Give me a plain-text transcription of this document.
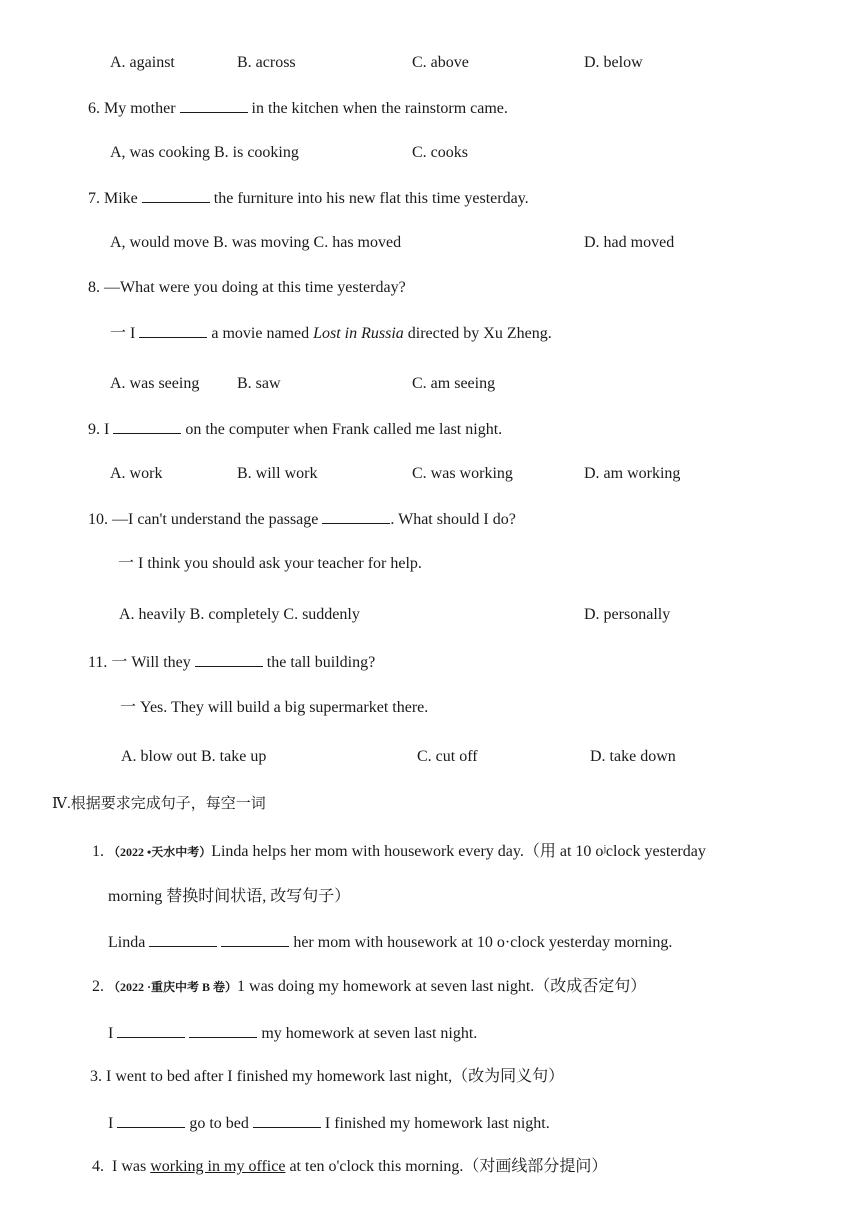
A. against	B. across	C. above	D. below
6. My mother	in the kitchen when the rainstorm came.
A, was cooking B. is cooking	C. cooks
7. Mike	the furniture into his new flat this time yesterday.
A, would move B. was moving C. has moved	D. had moved
8. —What were you doing at this time yesterday?
一 I	a movie named Lost in Russia directed by Xu Zheng.
A. was seeing B. saw	C. am seeing
9. I	on the computer when Frank called me last night.
A. work	B. will work	C. was working	D. am working
10. —I can't understand the passage	. What should I do?
一 I think you should ask your teacher for help.
A. heavily B. completely C. suddenly	D. personally
11. 一 Will they	the tall building?
一 Yes. They will build a big supermarket there.
A. blow out B. take up	C. cut off	D. take down
Ⅳ.根据要求完成句子，每空一词
1. （2022 •天水中考）Linda helps her mom with housework every day.（用 at 10 oʲclock yesterday
morning 替换时间状语, 改写句子）
Linda	her mom with housework at 10 o·clock yesterday morning.
2. （2022 ·重庆中考 B 卷）1 was doing my homework at seven last night.（改成否定句）
I	my homework at seven last night.
3. I went to bed after I finished my homework last night,（改为同义句）
I	go to bed	I finished my homework last night.
4. I was working in my office at ten o'clock this morning.（对画线部分提问）
